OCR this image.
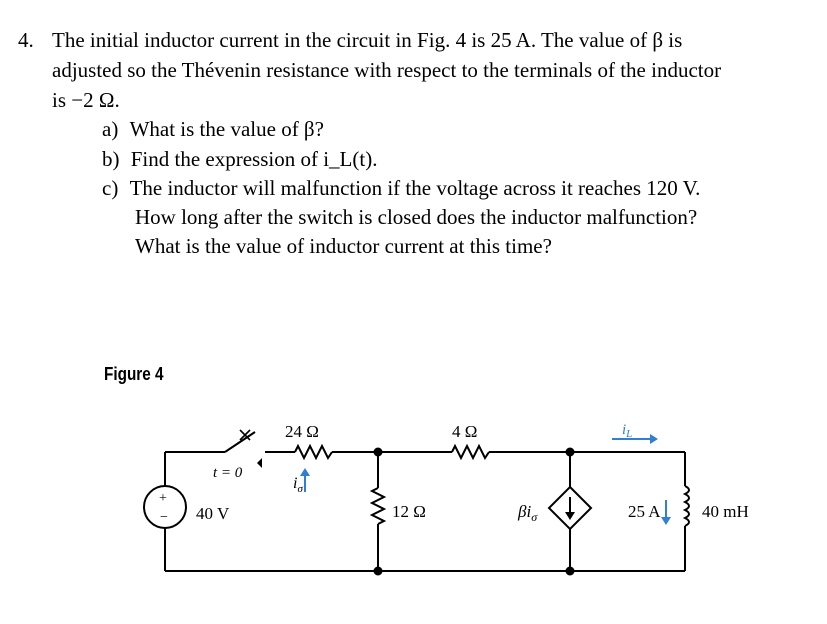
4. The initial inductor current in the circuit in Fig. 4 is 25 A. The value of β is
adjusted so the Thévenin resistance with respect to the terminals of the inductor
is −2 Ω.
a) What is the value of β?
b) Find the expression of i_L(t).
c) The inductor will malfunction if the voltage across it reaches 120 V.
How long after the switch is closed does the inductor malfunction?
What is the value of inductor current at this time?
Figure 4
24 Ω	4 Ω
12 Ω
t = 0
40 V
+
−	$\beta i_\sigma$
$i_\sigma$
$i_L$
25 A 40 mH
